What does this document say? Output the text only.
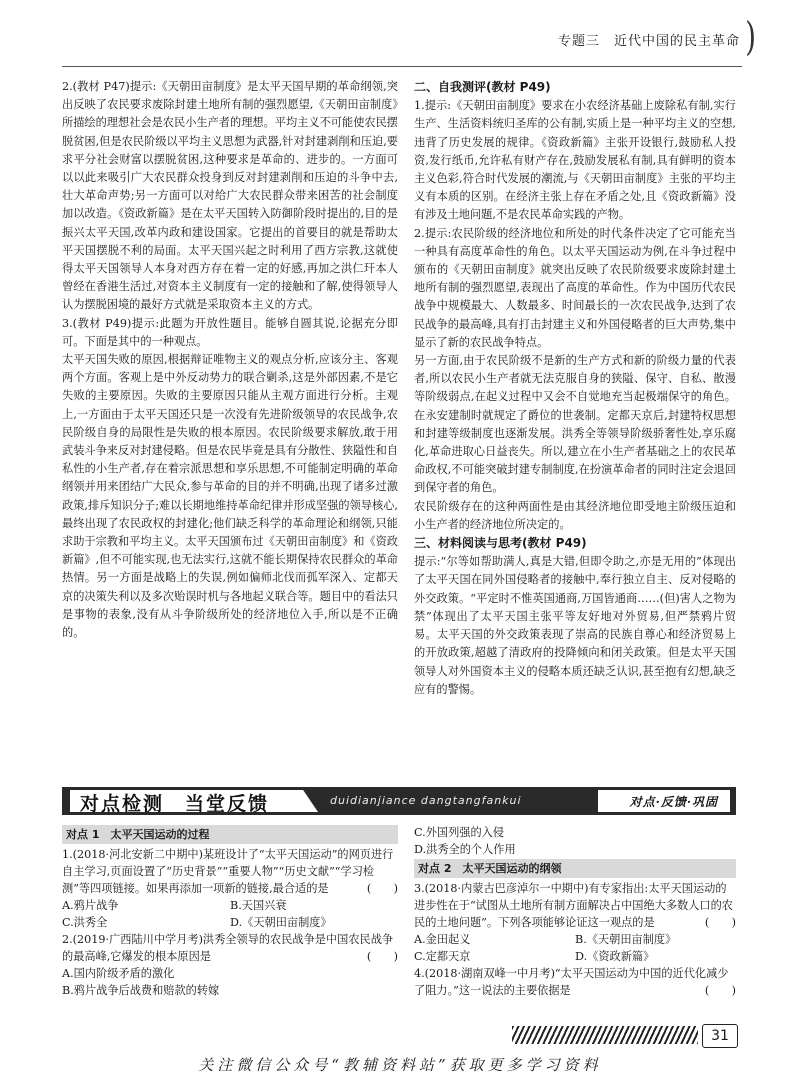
专题三　近代中国的民主革命 )

2.(教材 P47)提示:《天朝田亩制度》是太平天国早期的革命纲领,突出反映了农民要求废除封建土地所有制的强烈愿望,《天朝田亩制度》所描绘的理想社会是农民小生产者的理想。平均主义不可能使农民摆脱贫困,但是农民阶级以平均主义思想为武器,针对封建剥削和压迫,要求平分社会财富以摆脱贫困,这种要求是革命的、进步的。一方面可以以此来吸引广大农民群众投身到反对封建剥削和压迫的斗争中去,壮大革命声势;另一方面可以对给广大农民群众带来困苦的社会制度加以改造。《资政新篇》是在太平天国转入防御阶段时提出的,目的是振兴太平天国,改革内政和建设国家。它提出的首要目的就是帮助太平天国摆脱不利的局面。太平天国兴起之时利用了西方宗教,这就使得太平天国领导人本身对西方存在着一定的好感,再加之洪仁玕本人曾经在香港生活过,对资本主义制度有一定的接触和了解,使得领导人认为摆脱困境的最好方式就是采取资本主义的方式。

3.(教材 P49)提示:此题为开放性题目。能够自圆其说,论据充分即可。下面是其中的一种观点。

太平天国失败的原因,根据辩证唯物主义的观点分析,应该分主、客观两个方面。客观上是中外反动势力的联合剿杀,这是外部因素,不是它失败的主要原因。失败的主要原因只能从主观方面进行分析。主观上,一方面由于太平天国还只是一次没有先进阶级领导的农民战争,农民阶级自身的局限性是失败的根本原因。农民阶级要求解放,敢于用武装斗争来反对封建侵略。但是农民毕竟是具有分散性、狭隘性和自私性的小生产者,存在着宗派思想和享乐思想,不可能制定明确的革命纲领并用来团结广大民众,参与革命的目的并不明确,出现了诸多过激政策,排斥知识分子;难以长期地维持革命纪律并形成坚强的领导核心,最终出现了农民政权的封建化;他们缺乏科学的革命理论和纲领,只能求助于宗教和平均主义。太平天国颁布过《天朝田亩制度》和《资政新篇》,但不可能实现,也无法实行,这就不能长期保持农民群众的革命热情。另一方面是战略上的失误,例如偏师北伐而孤军深入、定都天京的决策失利以及多次贻误时机与各地起义联合等。题目中的看法只是事物的表象,没有从斗争阶级所处的经济地位入手,所以是不正确的。

二、自我测评(教材 P49)

1.提示:《天朝田亩制度》要求在小农经济基础上废除私有制,实行生产、生活资料统归圣库的公有制,实质上是一种平均主义的空想,违背了历史发展的规律。《资政新篇》主张开设银行,鼓励私人投资,发行纸币,允许私有财产存在,鼓励发展私有制,具有鲜明的资本主义色彩,符合时代发展的潮流,与《天朝田亩制度》主张的平均主义有本质的区别。在经济主张上存在矛盾之处,且《资政新篇》没有涉及土地问题,不是农民革命实践的产物。

2.提示:农民阶级的经济地位和所处的时代条件决定了它可能充当一种具有高度革命性的角色。以太平天国运动为例,在斗争过程中颁布的《天朝田亩制度》就突出反映了农民阶级要求废除封建土地所有制的强烈愿望,表现出了高度的革命性。作为中国历代农民战争中规模最大、人数最多、时间最长的一次农民战争,达到了农民战争的最高峰,具有打击封建主义和外国侵略者的巨大声势,集中显示了新的农民战争特点。

另一方面,由于农民阶级不是新的生产方式和新的阶级力量的代表者,所以农民小生产者就无法克服自身的狭隘、保守、自私、散漫等阶级弱点,在起义过程中又会不自觉地充当起极端保守的角色。在永安建制时就规定了爵位的世袭制。定都天京后,封建特权思想和封建等级制度也逐渐发展。洪秀全等领导阶级骄奢性处,享乐腐化,革命进取心日益丧失。所以,建立在小生产者基础之上的农民革命政权,不可能突破封建专制制度,在扮演革命者的同时注定会退回到保守者的角色。

农民阶级存在的这种两面性是由其经济地位即受地主阶级压迫和小生产者的经济地位所决定的。

三、材料阅读与思考(教材 P49)

提示:“尔等如帮助满人,真是大错,但即令助之,亦是无用的”体现出了太平天国在同外国侵略者的接触中,奉行独立自主、反对侵略的外交政策。“平定时不惟英国通商,万国皆通商……(但)害人之物为禁”体现出了太平天国主张平等友好地对外贸易,但严禁鸦片贸易。太平天国的外交政策表现了崇高的民族自尊心和经济贸易上的开放政策,超越了清政府的投降倾向和闭关政策。但是太平天国领导人对外国资本主义的侵略本质还缺乏认识,甚至抱有幻想,缺乏应有的警惕。

对点检测　当堂反馈	duidianjiance dangtangfankui	对点·反馈·巩固
对点 1　太平天国运动的过程
1.(2018·河北安新二中期中)某班设计了“太平天国运动”的网页进行自主学习,页面设置了“历史背景”“重要人物”“历史文献”“学习检测”等四项链接。如果再添加一项新的链接,最合适的是	(　　)
A.鸦片战争	B.天国兴衰
C.洪秀全	D.《天朝田亩制度》
2.(2019·广西陆川中学月考)洪秀全领导的农民战争是中国农民战争的最高峰,它爆发的根本原因是	(　　)
A.国内阶级矛盾的激化
B.鸦片战争后战费和赔款的转嫁
C.外国列强的入侵
D.洪秀全的个人作用
对点 2　太平天国运动的纲领
3.(2018·内蒙古巴彦淖尔一中期中)有专家指出:太平天国运动的进步性在于“试图从土地所有制方面解决占中国绝大多数人口的农民的土地问题”。下列各项能够论证这一观点的是	(　　)
A.金田起义	B.《天朝田亩制度》
C.定都天京	D.《资政新篇》
4.(2018·湖南双峰一中月考)“太平天国运动为中国的近代化减少了阻力。”这一说法的主要依据是	(　　)
31
关注微信公众号“教辅资料站”获取更多学习资料
